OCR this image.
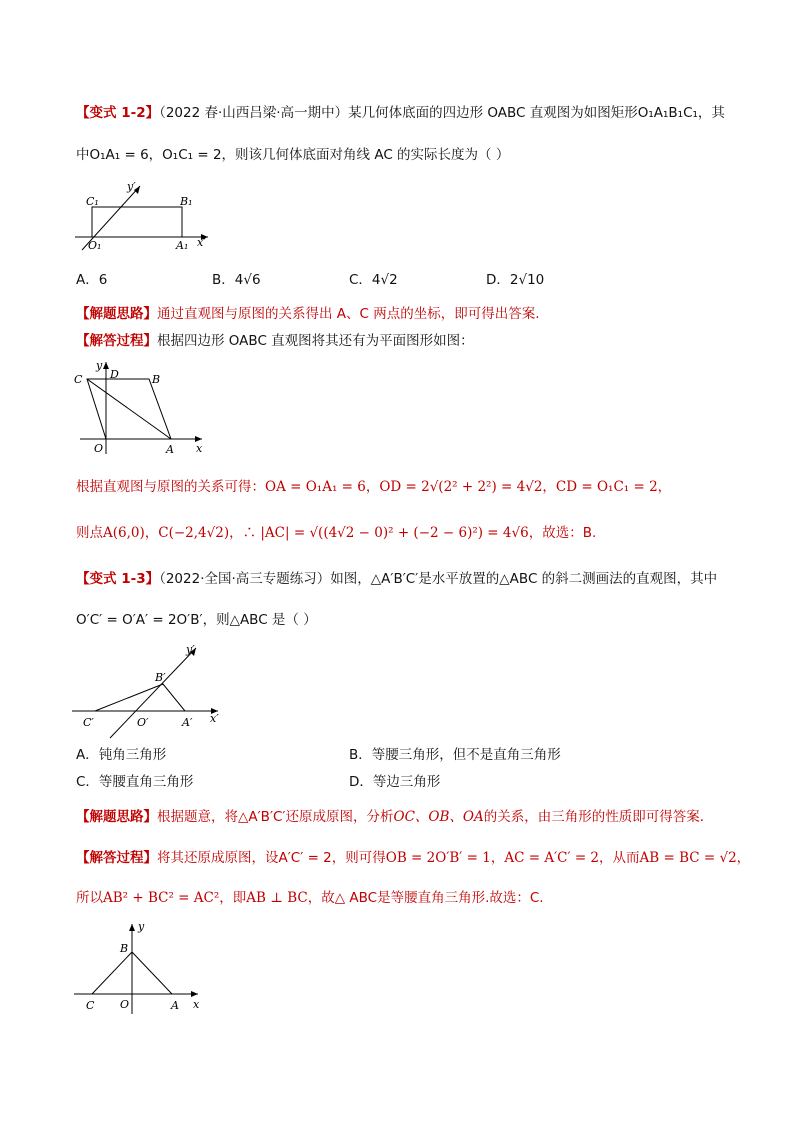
【变式 1-2】（2022 春·山西吕梁·高一期中）某几何体底面的四边形 OABC 直观图为如图矩形O₁A₁B₁C₁，其
中O₁A₁ = 6，O₁C₁ = 2，则该几何体底面对角线 AC 的实际长度为（ ）
C₁	B₁
O₁	A₁ x′
y′
A．6	B．4√6	C．4√2	D．2√10
【解题思路】通过直观图与原图的关系得出 A、C 两点的坐标，即可得出答案.
【解答过程】根据四边形 OABC 直观图将其还有为平面图形如图：
C	D	B
O	A x
y
根据直观图与原图的关系可得：OA = O₁A₁ = 6，OD = 2√(2² + 2²) = 4√2，CD = O₁C₁ = 2，
则点A(6,0)，C(−2,4√2)，∴ |AC| = √((4√2 − 0)² + (−2 − 6)²) = 4√6，故选：B.
【变式 1-3】（2022·全国·高三专题练习）如图，△A′B′C′是水平放置的△ABC 的斜二测画法的直观图，其中
O′C′ = O′A′ = 2O′B′，则△ABC 是（ ）
B′
C′	O′	A′ x′
y′
A．钝角三角形	B．等腰三角形，但不是直角三角形
C．等腰直角三角形	D．等边三角形
【解题思路】根据题意，将△A′B′C′还原成原图，分析OC、OB、OA的关系，由三角形的性质即可得答案．
【解答过程】将其还原成原图，设A′C′ = 2，则可得OB = 2O′B′ = 1，AC = A′C′ = 2，从而AB = BC = √2，
所以AB² + BC² = AC²，即AB ⊥ BC，故△ ABC是等腰直角三角形.故选：C.
B
C O	A x
y
